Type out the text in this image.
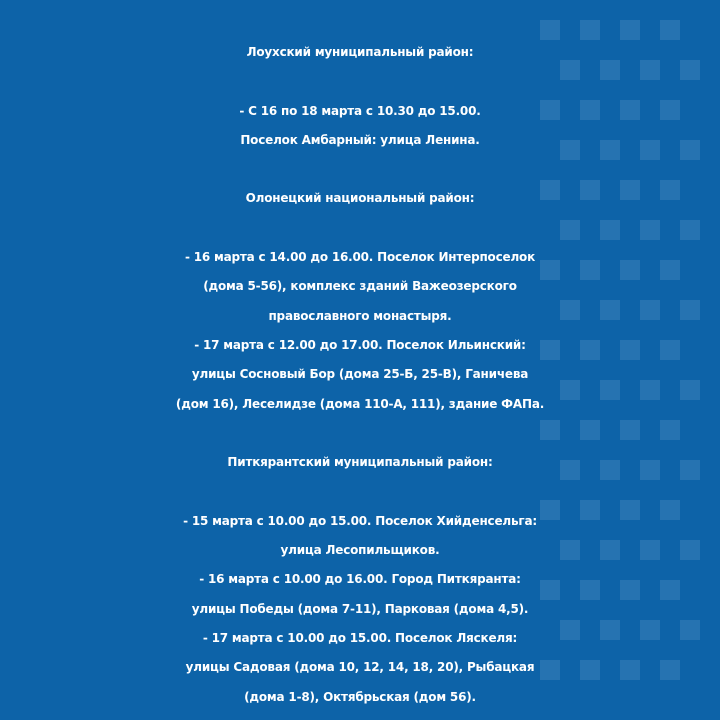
Лоухский муниципальный район:
- С 16 по 18 марта с 10.30 до 15.00.
Поселок Амбарный: улица Ленина.
Олонецкий национальный район:
- 16 марта с 14.00 до 16.00. Поселок Интерпоселок
(дома 5-56), комплекс зданий Важеозерского
православного монастыря.
- 17 марта с 12.00 до 17.00. Поселок Ильинский:
улицы Сосновый Бор (дома 25-Б, 25-В), Ганичева
(дом 16), Леселидзе (дома 110-А, 111), здание ФАПа.
Питкярантский муниципальный район:
- 15 марта с 10.00 до 15.00. Поселок Хийденсельга:
улица Лесопильщиков.
- 16 марта с 10.00 до 16.00. Город Питкяранта:
улицы Победы (дома 7-11), Парковая (дома 4,5).
- 17 марта с 10.00 до 15.00. Поселок Ляскеля:
улицы Садовая (дома 10, 12, 14, 18, 20), Рыбацкая
(дома 1-8), Октябрьская (дом 56).
